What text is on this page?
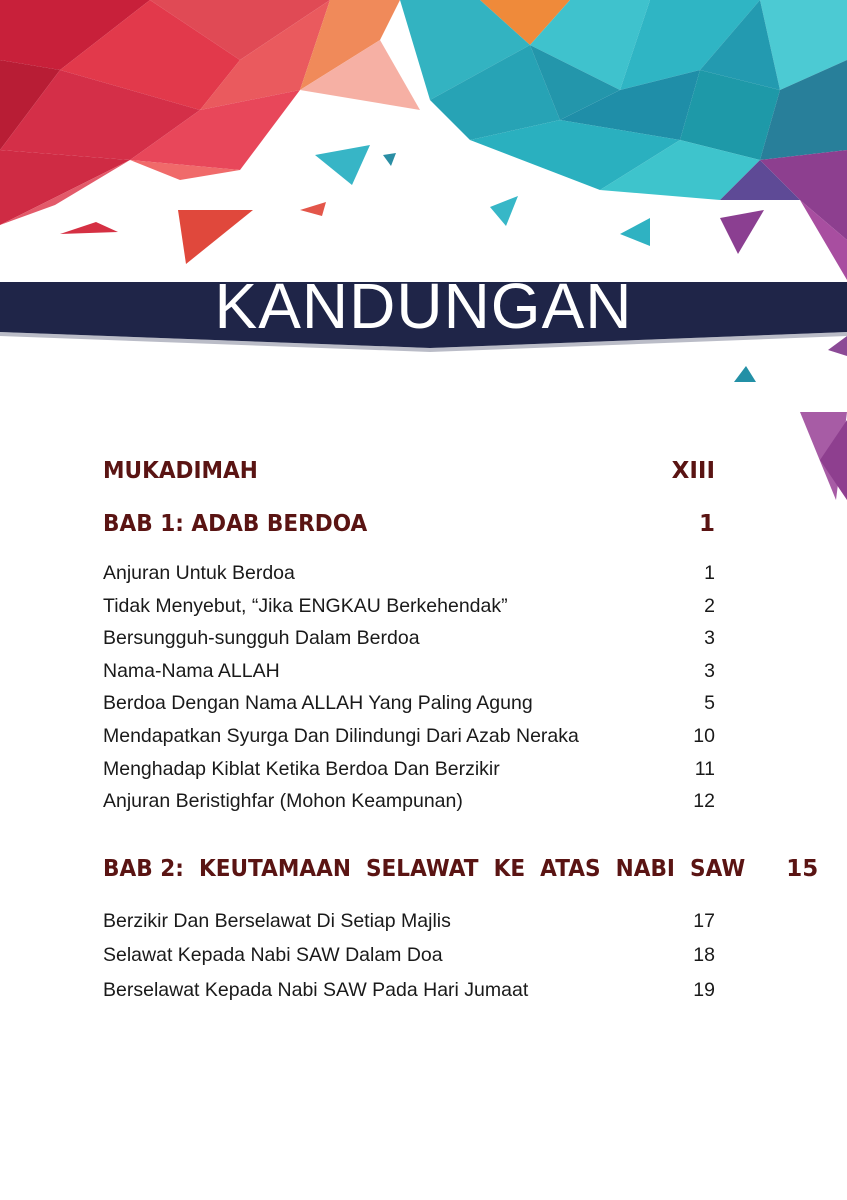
KANDUNGAN
MUKADIMAH	XIII
BAB 1: ADAB BERDOA	1
Anjuran Untuk Berdoa	1
Tidak Menyebut, “Jika ENGKAU Berkehendak”	2
Bersungguh-sungguh Dalam Berdoa	3
Nama-Nama ALLAH	3
Berdoa Dengan Nama ALLAH Yang Paling Agung	5
Mendapatkan Syurga Dan Dilindungi Dari Azab Neraka	10
Menghadap Kiblat Ketika Berdoa Dan Berzikir	11
Anjuran Beristighfar (Mohon Keampunan)	12
BAB 2:  KEUTAMAAN  SELAWAT  KE  ATAS  NABI  SAW 15
Berzikir Dan Berselawat Di Setiap Majlis	17
Selawat Kepada Nabi SAW Dalam Doa	18
Berselawat Kepada Nabi SAW Pada Hari Jumaat	19
